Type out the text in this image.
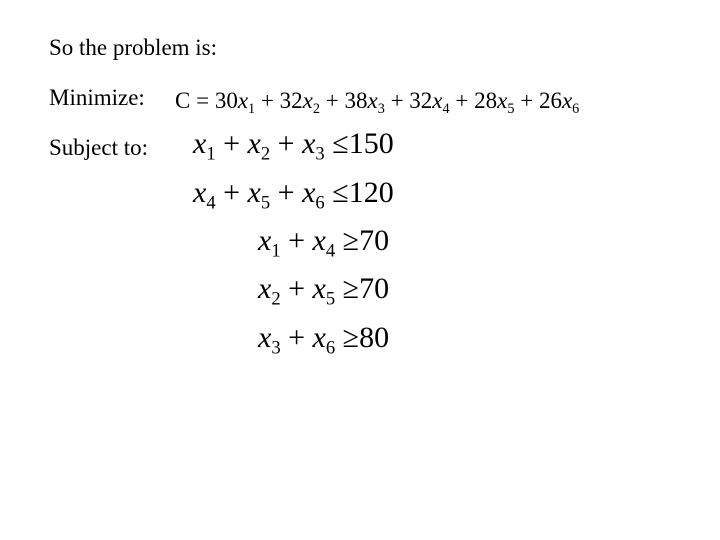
So the problem is:
Minimize: $C = 30x_1 + 32x_2 + 38x_3 + 32x_4 + 28x_5 + 26x_6$
Subject to: $x_1 + x_2 + x_3 \le 150$
$x_4 + x_5 + x_6 \le 120$
$x_1 + x_4 \ge 70$
$x_2 + x_5 \ge 70$
$x_3 + x_6 \ge 80$
